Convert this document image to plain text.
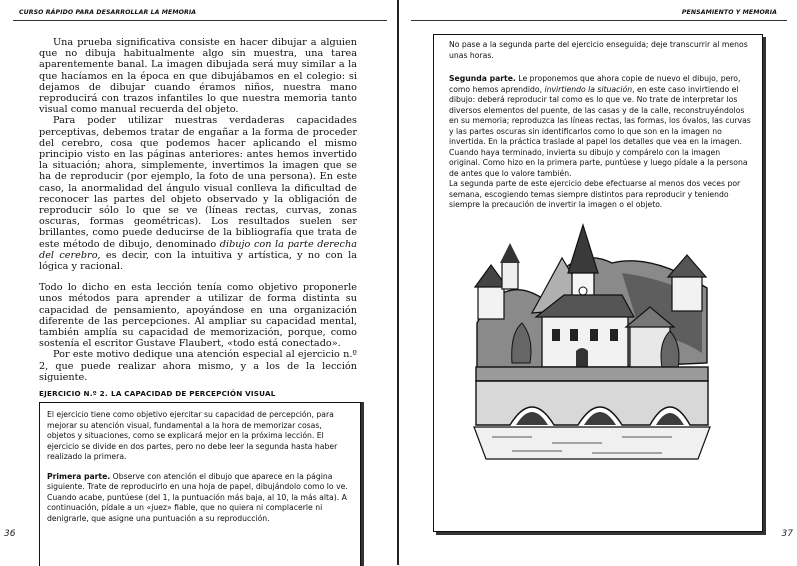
CURSO RÁPIDO PARA DESARROLLAR LA MEMORIA

Una prueba significativa consiste en hacer dibujar a alguien que no dibuja habitualmente algo sin muestra, una tarea aparentemente banal. La imagen dibujada será muy similar a la que hacíamos en la época en que dibujábamos en el colegio: si dejamos de dibujar cuando éramos niños, nuestra mano reproducirá con trazos infantiles lo que nuestra memoria tanto visual como manual recuerda del objeto.

Para poder utilizar nuestras verdaderas capacidades perceptivas, debemos tratar de engañar a la forma de proceder del cerebro, cosa que podemos hacer aplicando el mismo principio visto en las páginas anteriores: antes hemos invertido la situación; ahora, simplemente, invertimos la imagen que se ha de reproducir (por ejemplo, la foto de una persona). En este caso, la anormalidad del ángulo visual conlleva la dificultad de reconocer las partes del objeto observado y la obligación de reproducir sólo lo que se ve (líneas rectas, curvas, zonas oscuras, formas geométricas). Los resultados suelen ser brillantes, como puede deducirse de la bibliografía que trata de este método de dibujo, denominado dibujo con la parte derecha del cerebro, es decir, con la intuitiva y artística, y no con la lógica y racional.

Todo lo dicho en esta lección tenía como objetivo proponerle unos métodos para aprender a utilizar de forma distinta su capacidad de pensamiento, apoyándose en una organización diferente de las percepciones. Al ampliar su capacidad mental, también amplía su capacidad de memorización, porque, como sostenía el escritor Gustave Flaubert, «todo está conectado».

Por este motivo dedique una atención especial al ejercicio n.º 2, que puede realizar ahora mismo, y a los de la lección siguiente.

EJERCICIO N.º 2. LA CAPACIDAD DE PERCEPCIÓN VISUAL

El ejercicio tiene como objetivo ejercitar su capacidad de percepción, para mejorar su atención visual, fundamental a la hora de memorizar cosas, objetos y situaciones, como se explicará mejor en la próxima lección. El ejercicio se divide en dos partes, pero no debe leer la segunda hasta haber realizado la primera.

Primera parte. Observe con atención el dibujo que aparece en la página siguiente. Trate de reproducirlo en una hoja de papel, dibujándolo como lo ve. Cuando acabe, puntúese (del 1, la puntuación más baja, al 10, la más alta). A continuación, pídale a un «juez» fiable, que no quiera ni complacerle ni denigrarle, que asigne una puntuación a su reproducción.

36
PENSAMIENTO Y MEMORIA

No pase a la segunda parte del ejercicio enseguida; deje transcurrir al menos unas horas.

Segunda parte. Le proponemos que ahora copie de nuevo el dibujo, pero, como hemos aprendido, invirtiendo la situación, en este caso invirtiendo el dibujo: deberá reproducir tal como es lo que ve. No trate de interpretar los diversos elementos del puente, de las casas y de la calle, reconstruyéndolos en su memoria; reproduzca las líneas rectas, las formas, los óvalos, las curvas y las partes oscuras sin identificarlos como lo que son en la imagen no invertida. En la práctica traslade al papel los detalles que vea en la imagen. Cuando haya terminado, invierta su dibujo y compárelo con la imagen original. Como hizo en la primera parte, puntúese y luego pídale a la persona de antes que lo valore también.
La segunda parte de este ejercicio debe efectuarse al menos dos veces por semana, escogiendo temas siempre distintos para reproducir y teniendo siempre la precaución de invertir la imagen o el objeto.

37
